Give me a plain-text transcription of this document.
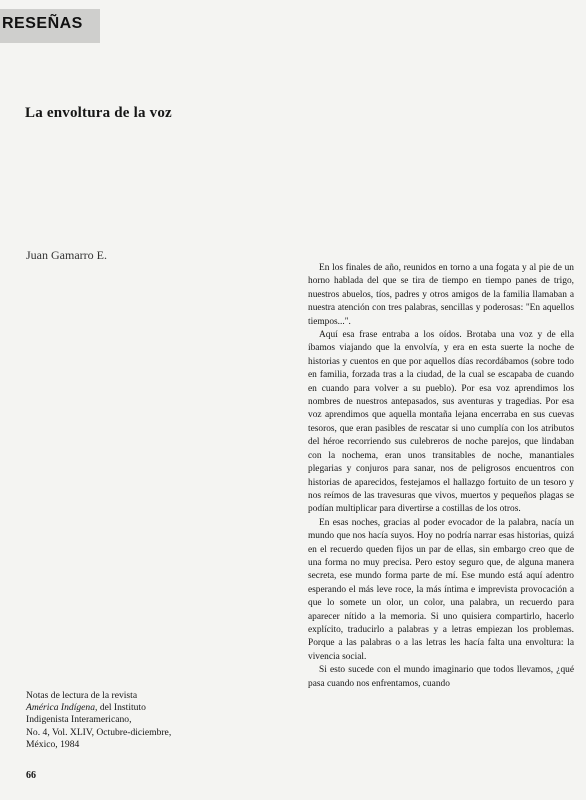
RESEÑAS
La envoltura de la voz
Juan Gamarro E.

En los finales de año, reunidos en torno a una fogata y al pie de un horno hablada del que se tira de tiempo en tiempo panes de trigo, nuestros abuelos, tíos, padres y otros amigos de la familia llamaban a nuestra atención con tres palabras, sencillas y poderosas: "En aquellos tiempos...".

Aquí esa frase entraba a los oídos. Brotaba una voz y de ella íbamos viajando que la envolvía, y era en esta suerte la noche de historias y cuentos en que por aquellos días recordábamos (sobre todo en familia, forzada tras a la ciudad, de la cual se escapaba de cuando en cuando para volver a su pueblo). Por esa voz aprendimos los nombres de nuestros antepasados, sus aventuras y tragedias. Por esa voz aprendimos que aquella montaña lejana encerraba en sus cuevas tesoros, que eran pasibles de rescatar si uno cumplía con los atributos del héroe recorriendo sus culebreros de noche parejos, que lindaban con la nochema, eran unos transitables de noche, manantiales plegarias y conjuros para sanar, nos de peligrosos encuentros con historias de aparecidos, festejamos el hallazgo fortuito de un tesoro y nos reímos de las travesuras que vivos, muertos y pequeños plagas se podían multiplicar para divertirse a costillas de los otros.

En esas noches, gracias al poder evocador de la palabra, nacía un mundo que nos hacía suyos. Hoy no podría narrar esas historias, quizá en el recuerdo queden fijos un par de ellas, sin embargo creo que de una forma no muy precisa. Pero estoy seguro que, de alguna manera secreta, ese mundo forma parte de mí. Ese mundo está aquí adentro esperando el más leve roce, la más íntima e imprevista provocación a que lo somete un olor, un color, una palabra, un recuerdo para aparecer nítido a la memoria. Si uno quisiera compartirlo, hacerlo explícito, traducirlo a palabras y a letras empiezan los problemas. Porque a las palabras o a las letras les hacía falta una envoltura: la vivencia social.

Si esto sucede con el mundo imaginario que todos llevamos, ¿qué pasa cuando nos enfrentamos, cuando

Notas de lectura de la revista
América Indígena, del Instituto
Indigenista Interamericano,
No. 4, Vol. XLIV, Octubre-diciembre,
México, 1984
66
